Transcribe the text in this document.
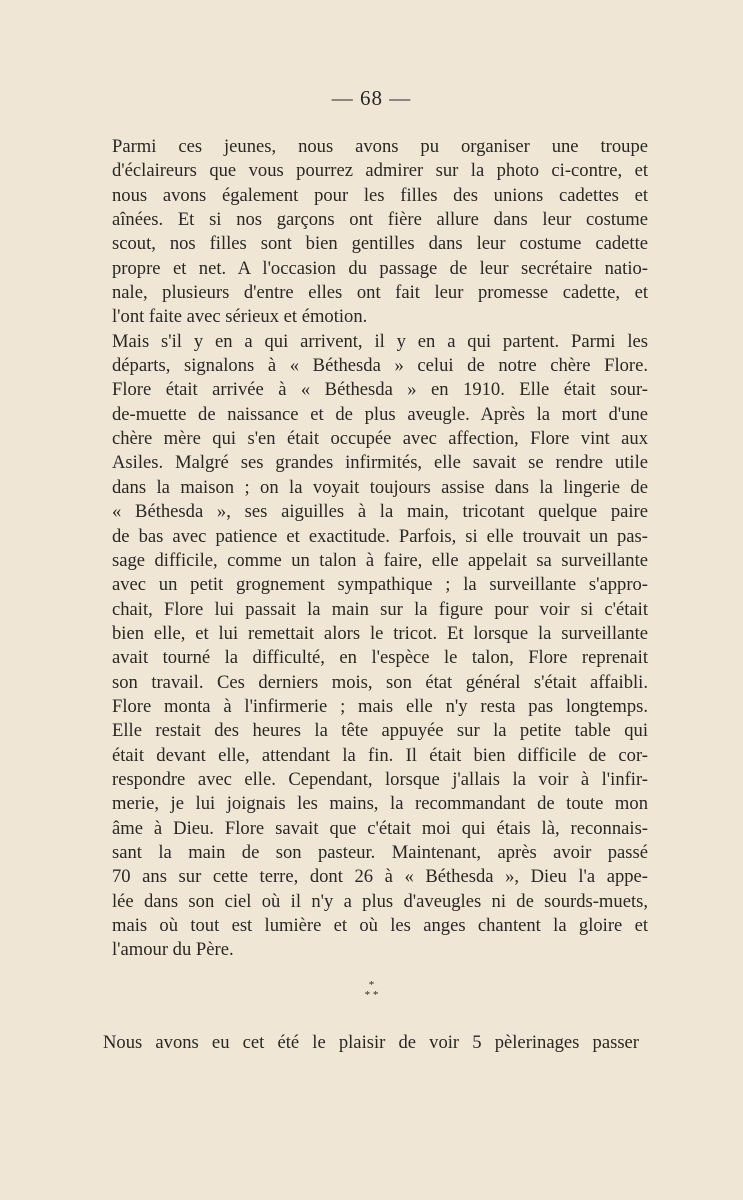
— 68 —
Parmi ces jeunes, nous avons pu organiser une troupe
d'éclaireurs que vous pourrez admirer sur la photo ci-contre, et
nous avons également pour les filles des unions cadettes et
aînées. Et si nos garçons ont fière allure dans leur costume
scout, nos filles sont bien gentilles dans leur costume cadette
propre et net. A l'occasion du passage de leur secrétaire natio-
nale, plusieurs d'entre elles ont fait leur promesse cadette, et
l'ont faite avec sérieux et émotion.
Mais s'il y en a qui arrivent, il y en a qui partent. Parmi les
départs, signalons à « Béthesda » celui de notre chère Flore.
Flore était arrivée à « Béthesda » en 1910. Elle était sour-
de-muette de naissance et de plus aveugle. Après la mort d'une
chère mère qui s'en était occupée avec affection, Flore vint aux
Asiles. Malgré ses grandes infirmités, elle savait se rendre utile
dans la maison ; on la voyait toujours assise dans la lingerie de
« Béthesda », ses aiguilles à la main, tricotant quelque paire
de bas avec patience et exactitude. Parfois, si elle trouvait un pas-
sage difficile, comme un talon à faire, elle appelait sa surveillante
avec un petit grognement sympathique ; la surveillante s'appro-
chait, Flore lui passait la main sur la figure pour voir si c'était
bien elle, et lui remettait alors le tricot. Et lorsque la surveillante
avait tourné la difficulté, en l'espèce le talon, Flore reprenait
son travail. Ces derniers mois, son état général s'était affaibli.
Flore monta à l'infirmerie ; mais elle n'y resta pas longtemps.
Elle restait des heures la tête appuyée sur la petite table qui
était devant elle, attendant la fin. Il était bien difficile de cor-
respondre avec elle. Cependant, lorsque j'allais la voir à l'infir-
merie, je lui joignais les mains, la recommandant de toute mon
âme à Dieu. Flore savait que c'était moi qui étais là, reconnais-
sant la main de son pasteur. Maintenant, après avoir passé
70 ans sur cette terre, dont 26 à « Béthesda », Dieu l'a appe-
lée dans son ciel où il n'y a plus d'aveugles ni de sourds-muets,
mais où tout est lumière et où les anges chantent la gloire et
l'amour du Père.
*
* *
Nous avons eu cet été le plaisir de voir 5 pèlerinages passer
